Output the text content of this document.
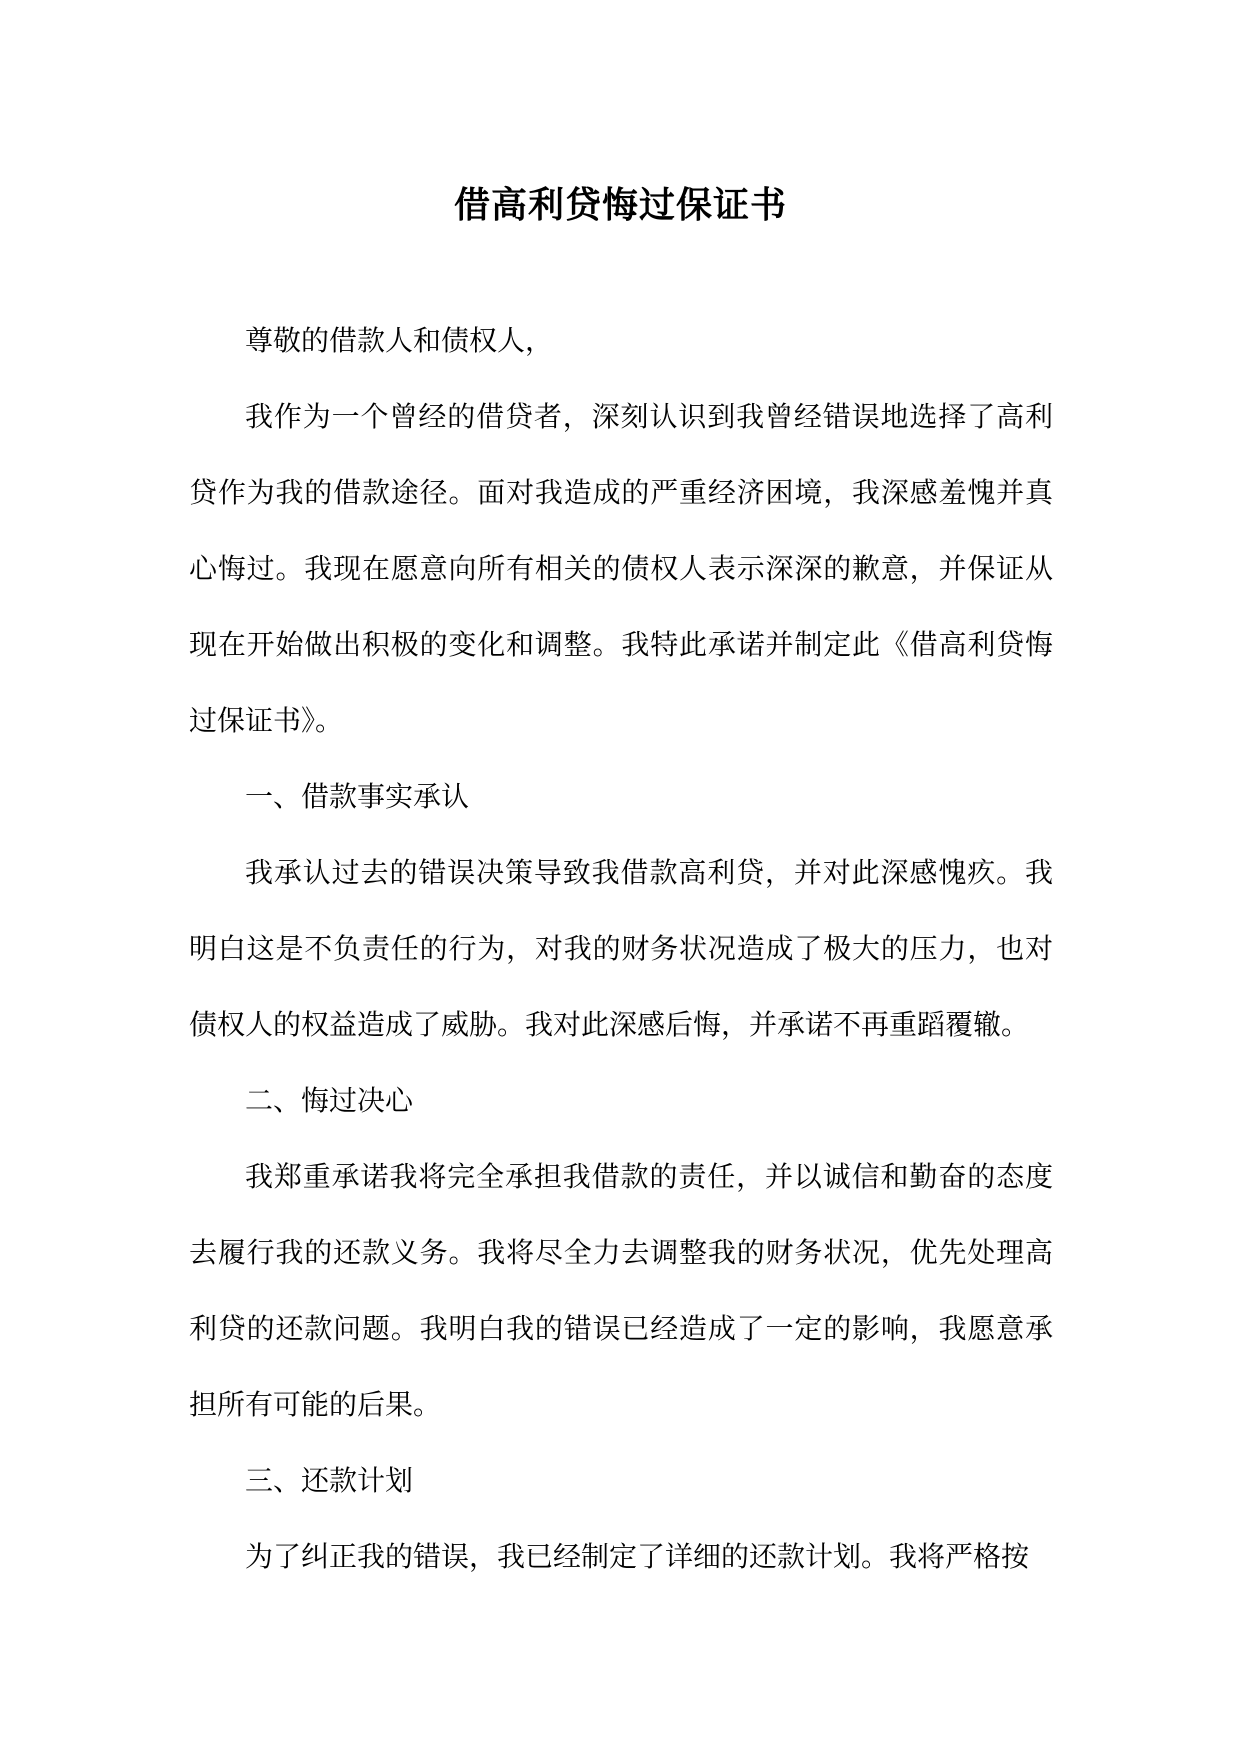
借高利贷悔过保证书

尊敬的借款人和债权人，

我作为一个曾经的借贷者，深刻认识到我曾经错误地选择了高利贷作为我的借款途径。面对我造成的严重经济困境，我深感羞愧并真心悔过。我现在愿意向所有相关的债权人表示深深的歉意，并保证从现在开始做出积极的变化和调整。我特此承诺并制定此《借高利贷悔过保证书》。

一、借款事实承认

我承认过去的错误决策导致我借款高利贷，并对此深感愧疚。我明白这是不负责任的行为，对我的财务状况造成了极大的压力，也对债权人的权益造成了威胁。我对此深感后悔，并承诺不再重蹈覆辙。

二、悔过决心

我郑重承诺我将完全承担我借款的责任，并以诚信和勤奋的态度去履行我的还款义务。我将尽全力去调整我的财务状况，优先处理高利贷的还款问题。我明白我的错误已经造成了一定的影响，我愿意承担所有可能的后果。

三、还款计划

为了纠正我的错误，我已经制定了详细的还款计划。我将严格按
